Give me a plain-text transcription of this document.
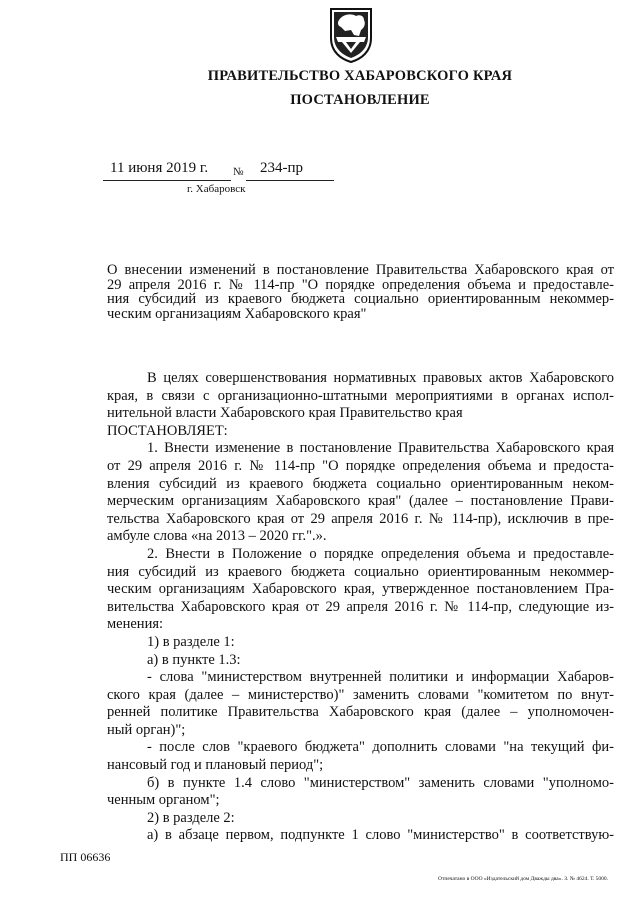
ПРАВИТЕЛЬСТВО ХАБАРОВСКОГО КРАЯ
ПОСТАНОВЛЕНИЕ
11 июня 2019 г. № 234-пр
г. Хабаровск
О внесении изменений в постановление Правительства Хабаровского края от
29 апреля 2016 г. № 114-пр "О порядке определения объема и предоставле-
ния субсидий из краевого бюджета социально ориентированным некоммер-
ческим организациям Хабаровского края"
В целях совершенствования нормативных правовых актов Хабаровского
края, в связи с организационно-штатными мероприятиями в органах испол-
нительной власти Хабаровского края Правительство края
ПОСТАНОВЛЯЕТ:
1. Внести изменение в постановление Правительства Хабаровского края
от 29 апреля 2016 г. № 114-пр "О порядке определения объема и предоста-
вления субсидий из краевого бюджета социально ориентированным неком-
мерческим организациям Хабаровского края" (далее – постановление Прави-
тельства Хабаровского края от 29 апреля 2016 г. № 114-пр), исключив в пре-
амбуле слова «на 2013 – 2020 гг.".».
2. Внести в Положение о порядке определения объема и предоставле-
ния субсидий из краевого бюджета социально ориентированным некоммер-
ческим организациям Хабаровского края, утвержденное постановлением Пра-
вительства Хабаровского края от 29 апреля 2016 г. № 114-пр, следующие из-
менения:
1) в разделе 1:
а) в пункте 1.3:
- слова "министерством внутренней политики и информации Хабаров-
ского края (далее – министерство)" заменить словами "комитетом по внут-
ренней политике Правительства Хабаровского края (далее – уполномочен-
ный орган)";
- после слов "краевого бюджета" дополнить словами "на текущий фи-
нансовый год и плановый период";
б) в пункте 1.4 слово "министерством" заменить словами "уполномо-
ченным органом";
2) в разделе 2:
а) в абзаце первом, подпункте 1 слово "министерство" в соответствую-
ПП 06636
Отпечатано в ООО «Издательский дом Дважды два». З. № 4624. Т. 5000.
